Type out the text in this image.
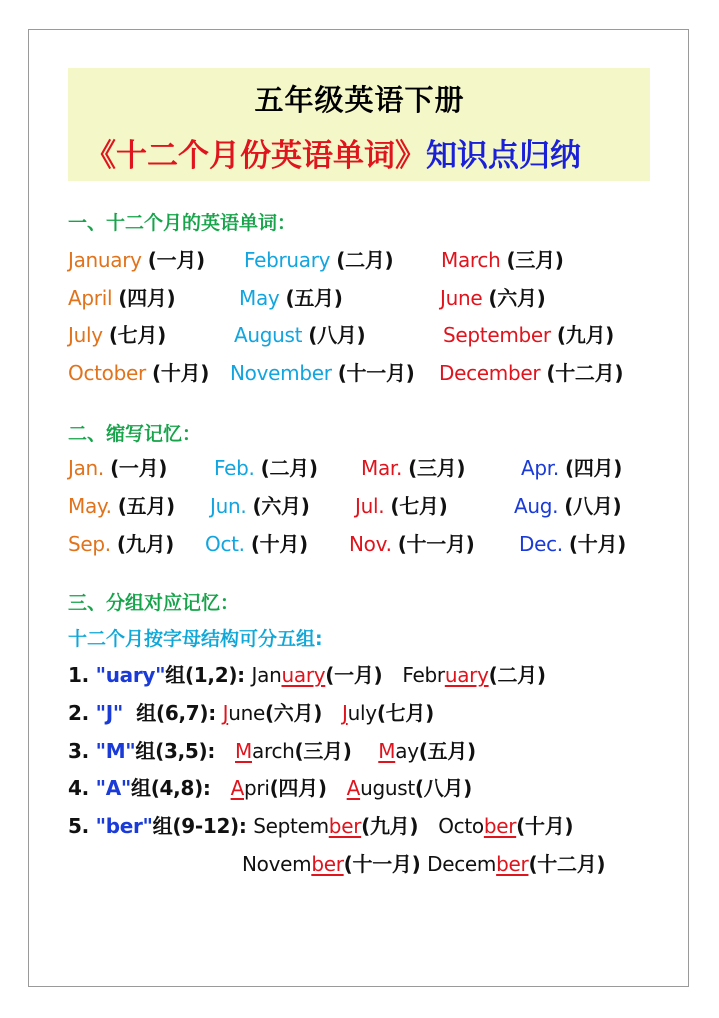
五年级英语下册
《十二个月份英语单词》知识点归纳
一、十二个月的英语单词：
January (一月) February (二月) March (三月)
April (四月)	May (五月)	June (六月)
July (七月)	August (八月)	September (九月)
October (十月) November (十一月) December (十二月)
二、缩写记忆：
Jan. (一月) Feb. (二月) Mar. (三月)	Apr. (四月)
May. (五月) Jun. (六月) Jul. (七月)	Aug. (八月)
Sep. (九月) Oct. (十月) Nov. (十一月) Dec. (十月)
三、分组对应记忆：
十二个月按字母结构可分五组:
1. "uary"组(1,2): January(一月) February(二月)
2. "J"  组(6,7): June(六月) July(七月)
3. "M"组(3,5):   March(三月) May(五月)
4. "A"组(4,8):   Apri(四月) August(八月)
5. "ber"组(9-12): September(九月) October(十月)
November(十一月) December(十二月)
